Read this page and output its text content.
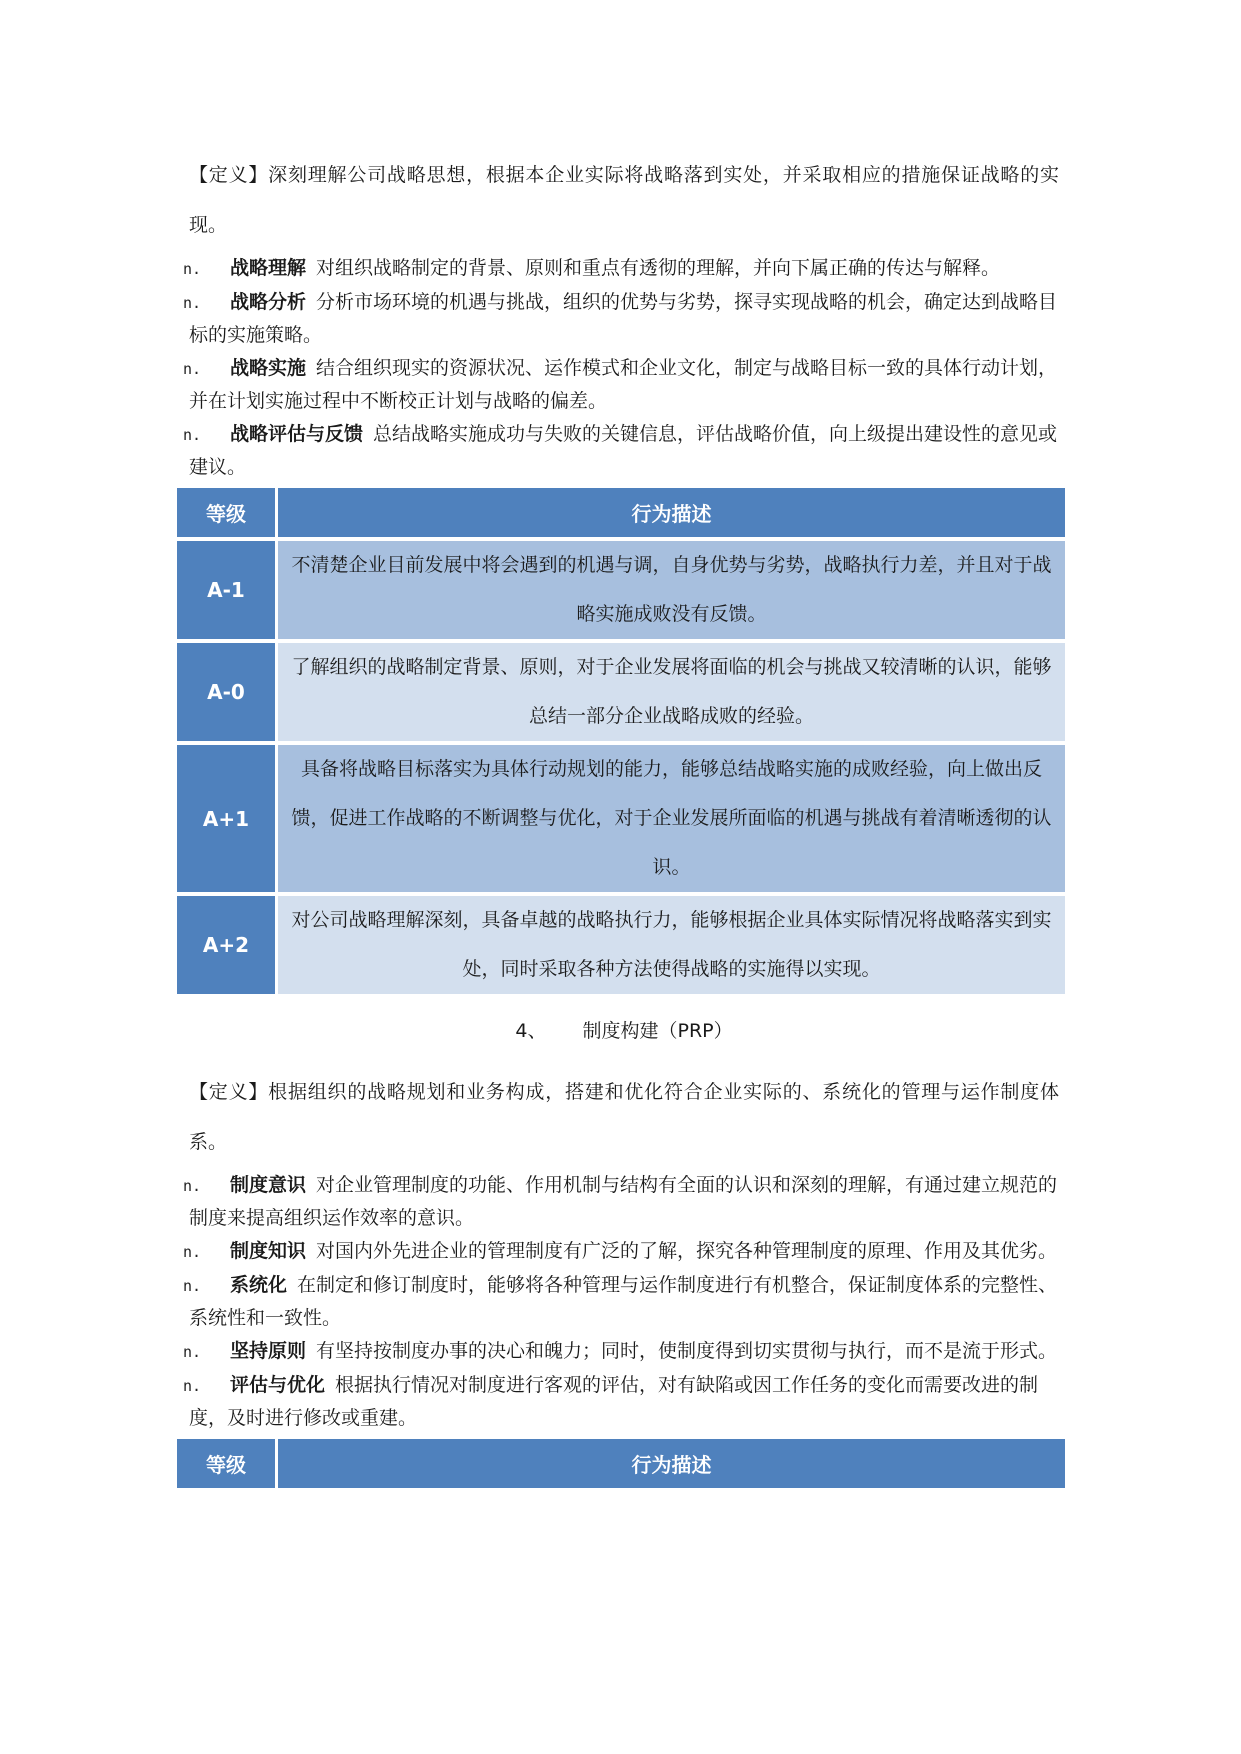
【定义】深刻理解公司战略思想，根据本企业实际将战略落到实处，并采取相应的措施保证战略的实现。

n. 战略理解 对组织战略制定的背景、原则和重点有透彻的理解，并向下属正确的传达与解释。

n. 战略分析 分析市场环境的机遇与挑战，组织的优势与劣势，探寻实现战略的机会，确定达到战略目标的实施策略。

n. 战略实施 结合组织现实的资源状况、运作模式和企业文化，制定与战略目标一致的具体行动计划，并在计划实施过程中不断校正计划与战略的偏差。

n. 战略评估与反馈 总结战略实施成功与失败的关键信息，评估战略价值，向上级提出建设性的意见或建议。

等级	行为描述
A-1	不清楚企业目前发展中将会遇到的机遇与调，自身优势与劣势，战略执行力差，并且对于战略实施成败没有反馈。
A-0	了解组织的战略制定背景、原则，对于企业发展将面临的机会与挑战又较清晰的认识，能够总结一部分企业战略成败的经验。
A+1	具备将战略目标落实为具体行动规划的能力，能够总结战略实施的成败经验，向上做出反馈，促进工作战略的不断调整与优化，对于企业发展所面临的机遇与挑战有着清晰透彻的认识。
A+2	对公司战略理解深刻，具备卓越的战略执行力，能够根据企业具体实际情况将战略落实到实处，同时采取各种方法使得战略的实施得以实现。
4、 制度构建（PRP）

【定义】根据组织的战略规划和业务构成，搭建和优化符合企业实际的、系统化的管理与运作制度体系。

n. 制度意识 对企业管理制度的功能、作用机制与结构有全面的认识和深刻的理解，有通过建立规范的制度来提高组织运作效率的意识。

n. 制度知识 对国内外先进企业的管理制度有广泛的了解，探究各种管理制度的原理、作用及其优劣。

n. 系统化 在制定和修订制度时，能够将各种管理与运作制度进行有机整合，保证制度体系的完整性、系统性和一致性。

n. 坚持原则 有坚持按制度办事的决心和魄力；同时，使制度得到切实贯彻与执行，而不是流于形式。

n. 评估与优化 根据执行情况对制度进行客观的评估，对有缺陷或因工作任务的变化而需要改进的制度，及时进行修改或重建。

等级	行为描述
